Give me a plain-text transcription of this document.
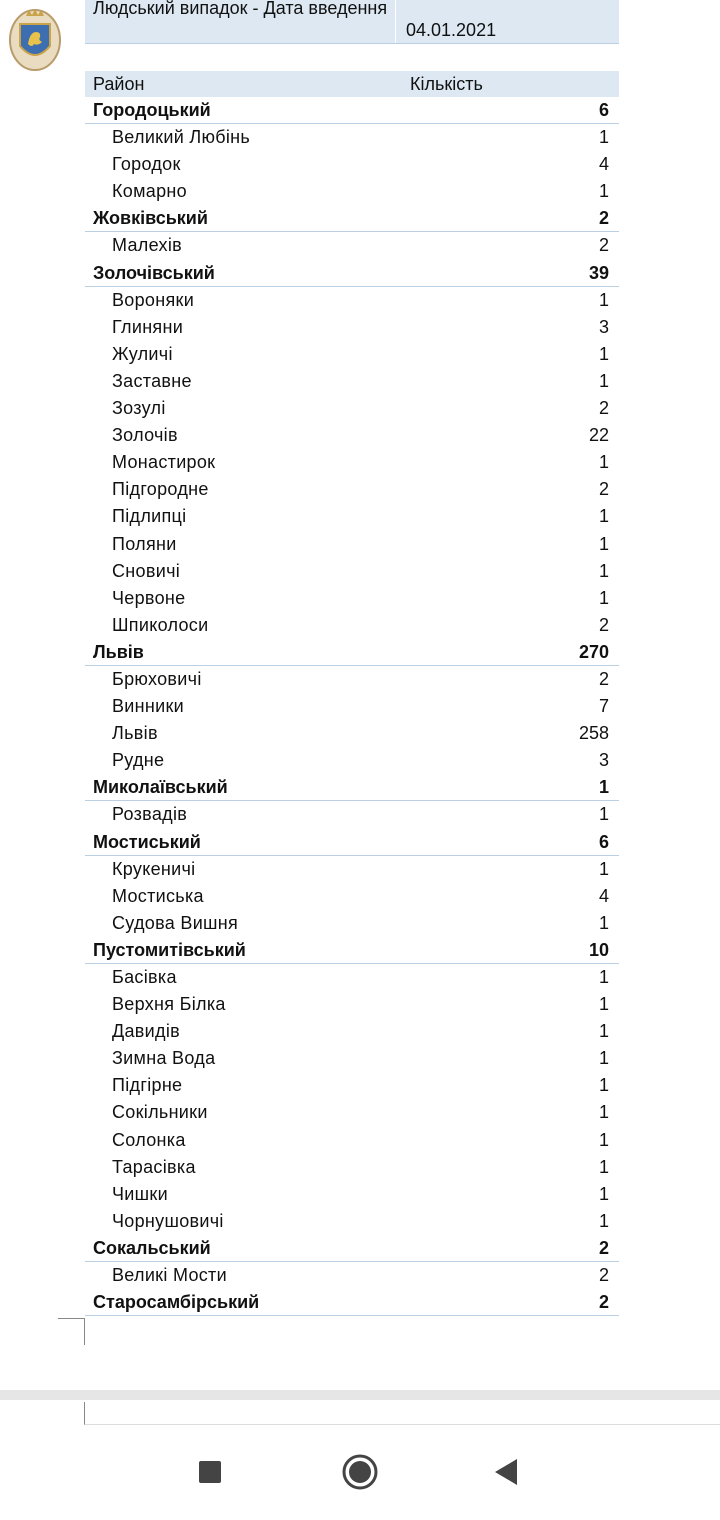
Людський випадок - Дата введення
04.01.2021
Район	Кількість
Городоцький	6
Великий Любінь	1
Городок	4
Комарно	1
Жовківський	2
Малехів	2
Золочівський	39
Вороняки	1
Глиняни	3
Жуличі	1
Заставне	1
Зозулі	2
Золочів	22
Монастирок	1
Підгородне	2
Підлипці	1
Поляни	1
Сновичі	1
Червоне	1
Шпиколоси	2
Львів	270
Брюховичі	2
Винники	7
Львів	258
Рудне	3
Миколаївський	1
Розвадів	1
Мостиський	6
Крукеничі	1
Мостиська	4
Судова Вишня	1
Пустомитівський	10
Басівка	1
Верхня Білка	1
Давидів	1
Зимна Вода	1
Підгірне	1
Сокільники	1
Солонка	1
Тарасівка	1
Чишки	1
Чорнушовичі	1
Сокальський	2
Великі Мости	2
Старосамбірський	2
